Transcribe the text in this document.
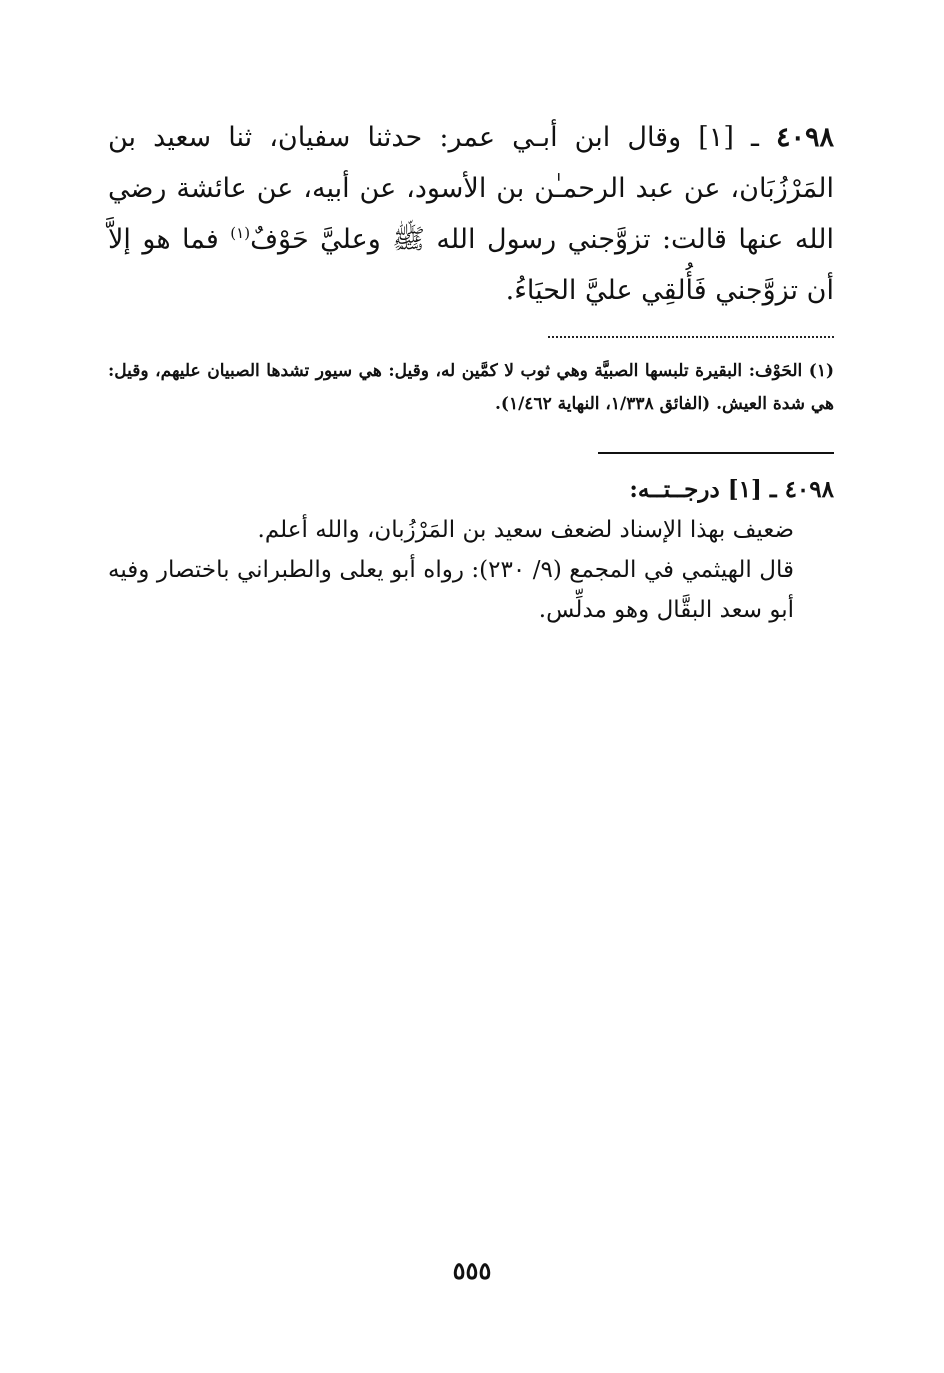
٤٠٩٨ ـ [١] وقال ابن أبـي عمر: حدثنا سفيان، ثنا سعيد بن المَرْزُبَان، عن عبد الرحمـٰن بن الأسود، عن أبيه، عن عائشة رضي الله عنها قالت: تزوَّجني رسول الله ﷺ وعليَّ حَوْفٌ$^{(١)}$ فما هو إلاَّ أن تزوَّجني فَأُلقِي عليَّ الحيَاءُ.

(١) الحَوْف: البقيرة تلبسها الصبيَّة وهي ثوب لا كمَّين له، وقيل: هي سيور تشدها الصبيان عليهم، وقيل: هي شدة العيش. (الفائق ١/٣٣٨، النهاية ١/٤٦٢).

٤٠٩٨ ـ [١] درجــتــه:

ضعيف بهذا الإسناد لضعف سعيد بن المَرْزُبان، والله أعلم.

قال الهيثمي في المجمع (٩/ ٢٣٠): رواه أبو يعلى والطبراني باختصار وفيه أبو سعد البقَّال وهو مدلِّس.

٥٥٥
